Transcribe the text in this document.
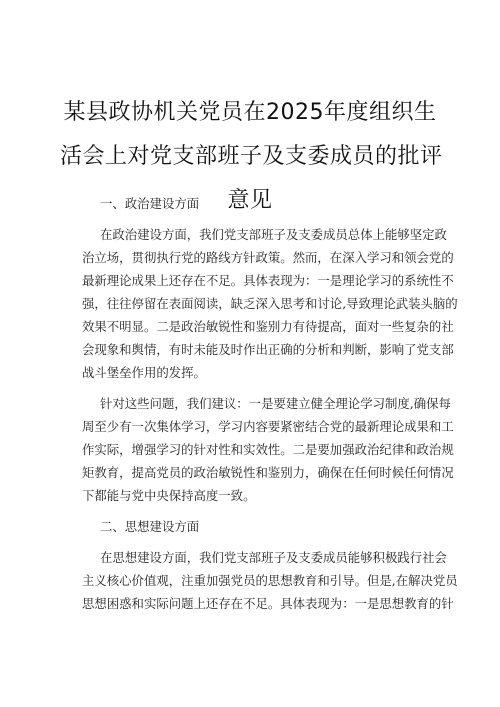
某县政协机关党员在2025年度组织生
活会上对党支部班子及支委成员的批评
意见
一、政治建设方面

在政治建设方面，我们党支部班子及支委成员总体上能够坚定政
治立场，贯彻执行党的路线方针政策。然而，在深入学习和领会党的
最新理论成果上还存在不足。具体表现为：一是理论学习的系统性不
强，往往停留在表面阅读，缺乏深入思考和讨论,导致理论武装头脑的
效果不明显。二是政治敏锐性和鉴别力有待提高，面对一些复杂的社
会现象和舆情，有时未能及时作出正确的分析和判断，影响了党支部
战斗堡垒作用的发挥。

针对这些问题，我们建议：一是要建立健全理论学习制度,确保每
周至少有一次集体学习，学习内容要紧密结合党的最新理论成果和工
作实际，增强学习的针对性和实效性。二是要加强政治纪律和政治规
矩教育，提高党员的政治敏锐性和鉴别力，确保在任何时候任何情况
下都能与党中央保持高度一致。

二、思想建设方面

在思想建设方面，我们党支部班子及支委成员能够积极践行社会
主义核心价值观，注重加强党员的思想教育和引导。但是,在解决党员
思想困惑和实际问题上还存在不足。具体表现为：一是思想教育的针
